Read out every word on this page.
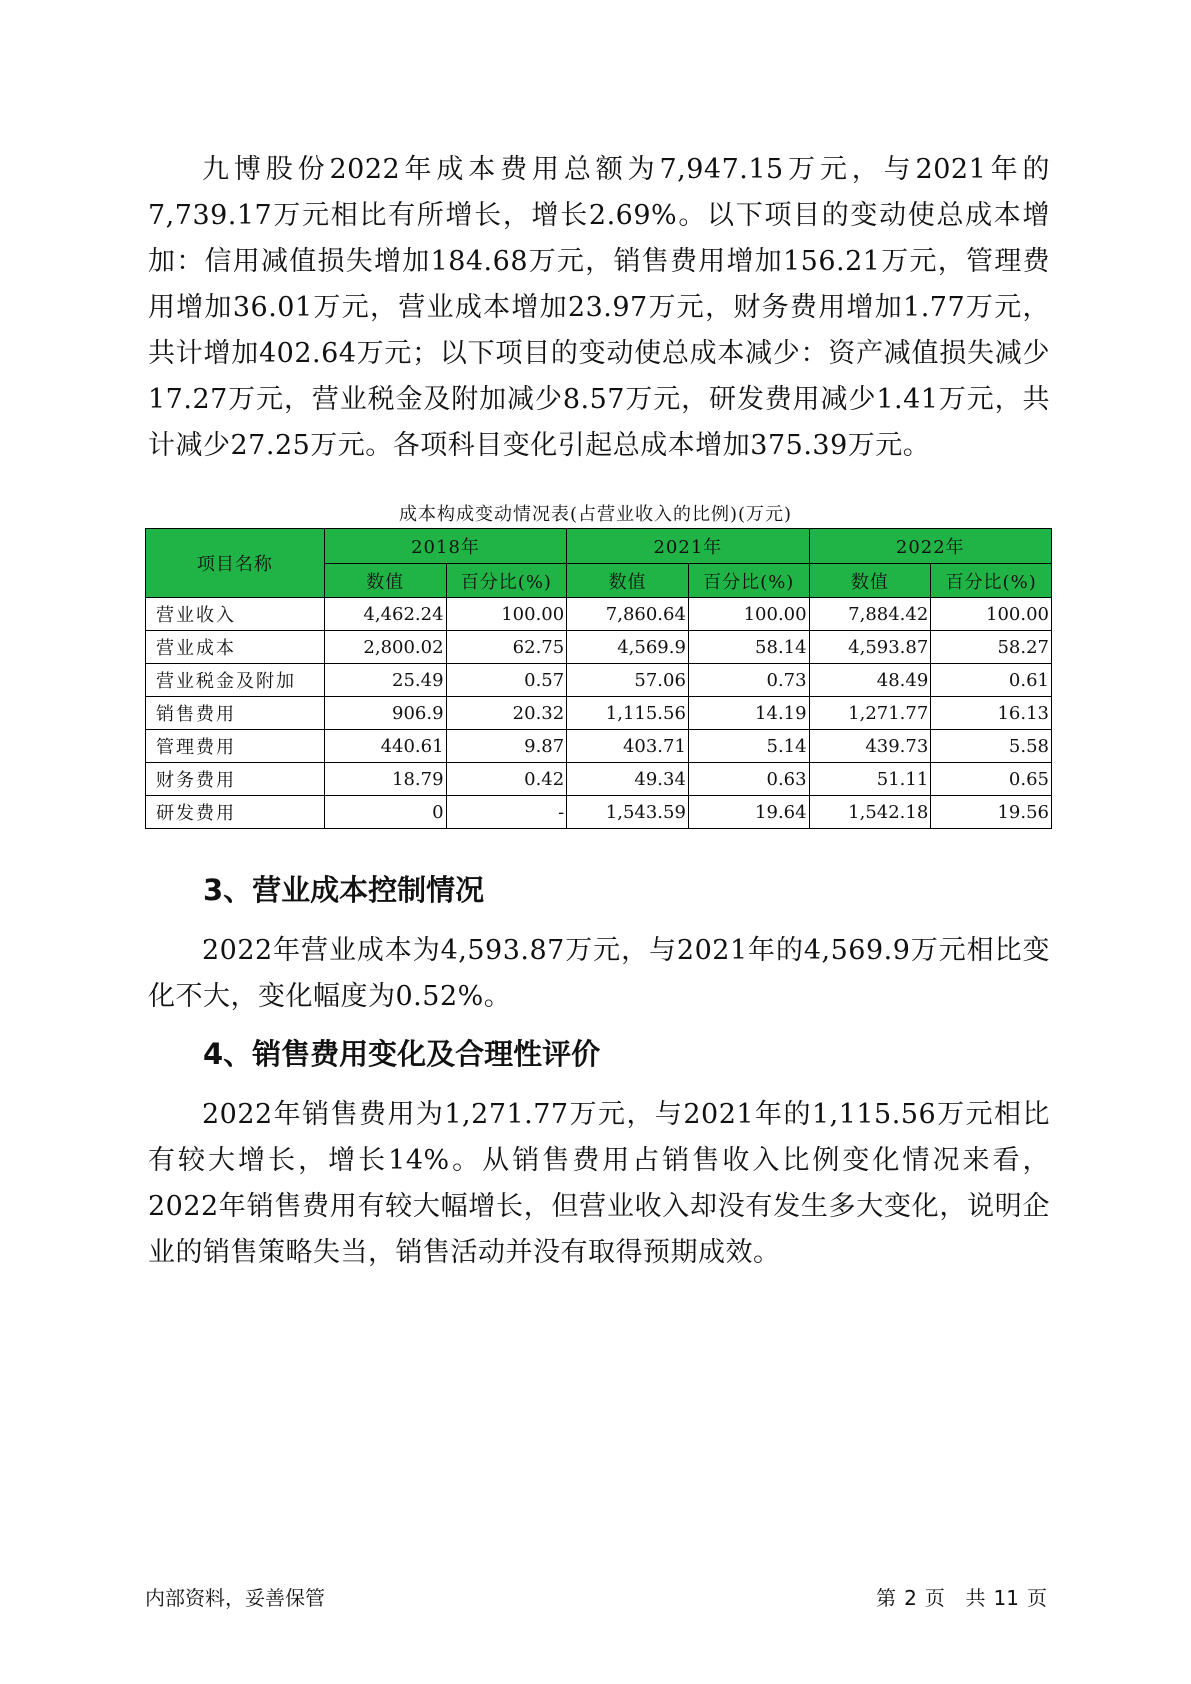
九博股份2022年成本费用总额为7,947.15万元，与2021年的7,739.17万元相比有所增长，增长2.69%。以下项目的变动使总成本增加：信用减值损失增加184.68万元，销售费用增加156.21万元，管理费用增加36.01万元，营业成本增加23.97万元，财务费用增加1.77万元，共计增加402.64万元；以下项目的变动使总成本减少：资产减值损失减少17.27万元，营业税金及附加减少8.57万元，研发费用减少1.41万元，共计减少27.25万元。各项科目变化引起总成本增加375.39万元。

成本构成变动情况表(占营业收入的比例)(万元)
项目名称	2018年		2021年		2022年	
	数值	百分比(%)	数值	百分比(%)	数值	百分比(%)
营业收入	4,462.24	100.00	7,860.64	100.00	7,884.42	100.00
营业成本	2,800.02	62.75	4,569.9	58.14	4,593.87	58.27
营业税金及附加	25.49	0.57	57.06	0.73	48.49	0.61
销售费用	906.9	20.32	1,115.56	14.19	1,271.77	16.13
管理费用	440.61	9.87	403.71	5.14	439.73	5.58
财务费用	18.79	0.42	49.34	0.63	51.11	0.65
研发费用	0	-	1,543.59	19.64	1,542.18	19.56
3、营业成本控制情况

2022年营业成本为4,593.87万元，与2021年的4,569.9万元相比变化不大，变化幅度为0.52%。

4、销售费用变化及合理性评价

2022年销售费用为1,271.77万元，与2021年的1,115.56万元相比有较大增长，增长14%。从销售费用占销售收入比例变化情况来看，2022年销售费用有较大幅增长，但营业收入却没有发生多大变化，说明企业的销售策略失当，销售活动并没有取得预期成效。

内部资料，妥善保管	第 2 页 共 11 页
